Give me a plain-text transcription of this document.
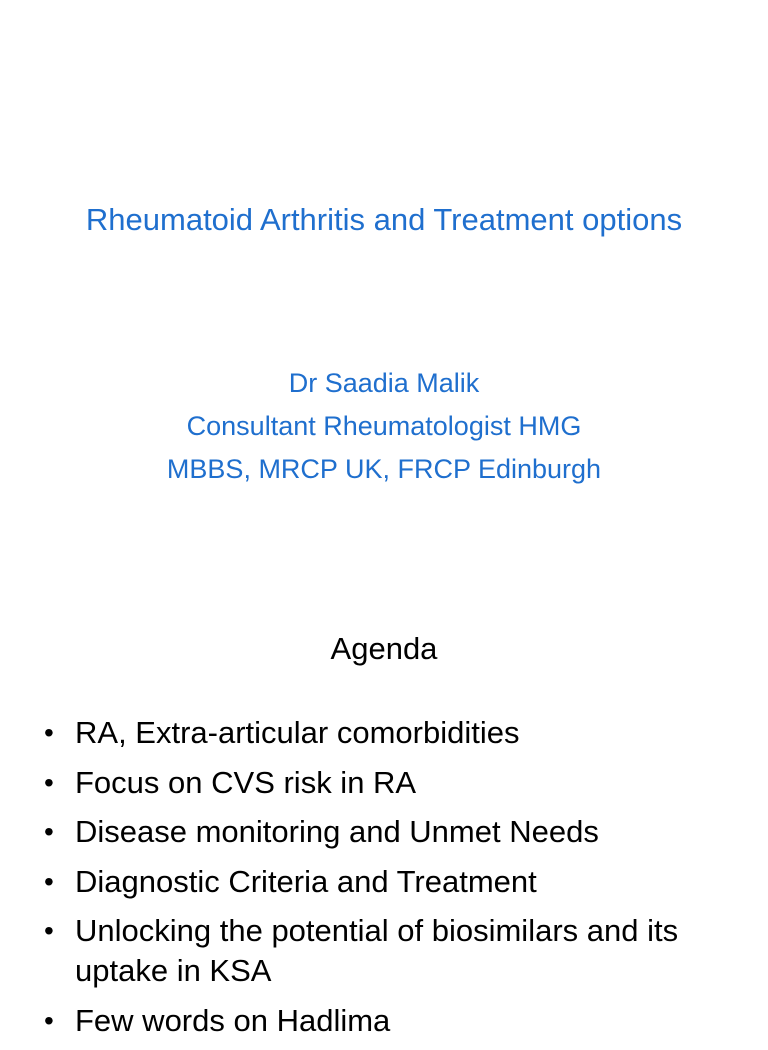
Rheumatoid Arthritis and Treatment options
Dr Saadia Malik
Consultant Rheumatologist HMG
MBBS, MRCP UK, FRCP Edinburgh
Agenda
• RA, Extra-articular comorbidities
• Focus on CVS risk in RA
• Disease monitoring and Unmet Needs
• Diagnostic Criteria and Treatment
• Unlocking the potential of biosimilars and its uptake in KSA
• Few words on Hadlima
